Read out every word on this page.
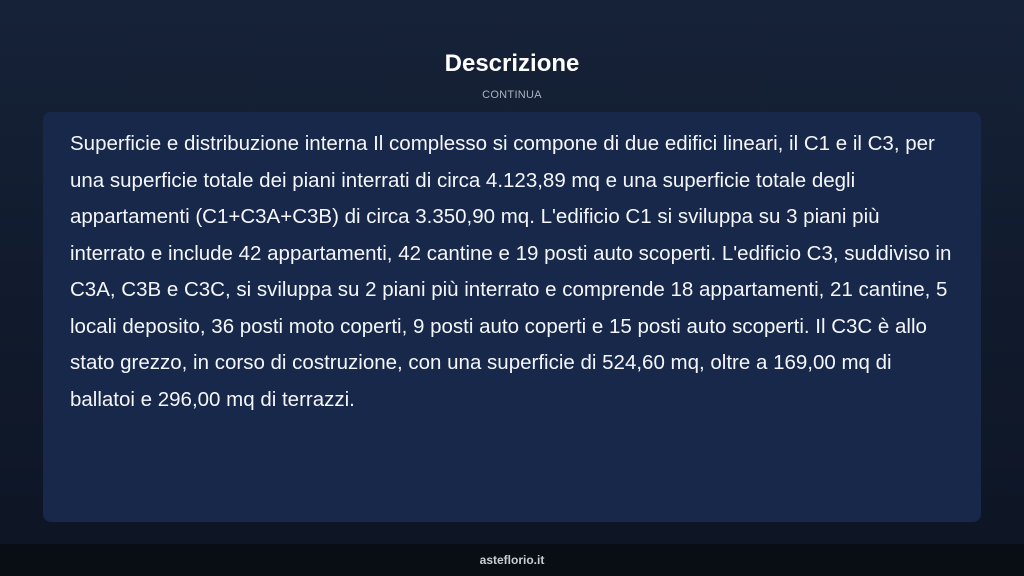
Descrizione
CONTINUA

Superficie e distribuzione interna Il complesso si compone di due edifici lineari, il C1 e il C3, per una superficie totale dei piani interrati di circa 4.123,89 mq e una superficie totale degli appartamenti (C1+C3A+C3B) di circa 3.350,90 mq. L'edificio C1 si sviluppa su 3 piani più interrato e include 42 appartamenti, 42 cantine e 19 posti auto scoperti. L'edificio C3, suddiviso in C3A, C3B e C3C, si sviluppa su 2 piani più interrato e comprende 18 appartamenti, 21 cantine, 5 locali deposito, 36 posti moto coperti, 9 posti auto coperti e 15 posti auto scoperti. Il C3C è allo stato grezzo, in corso di costruzione, con una superficie di 524,60 mq, oltre a 169,00 mq di ballatoi e 296,00 mq di terrazzi.

asteflorio.it
